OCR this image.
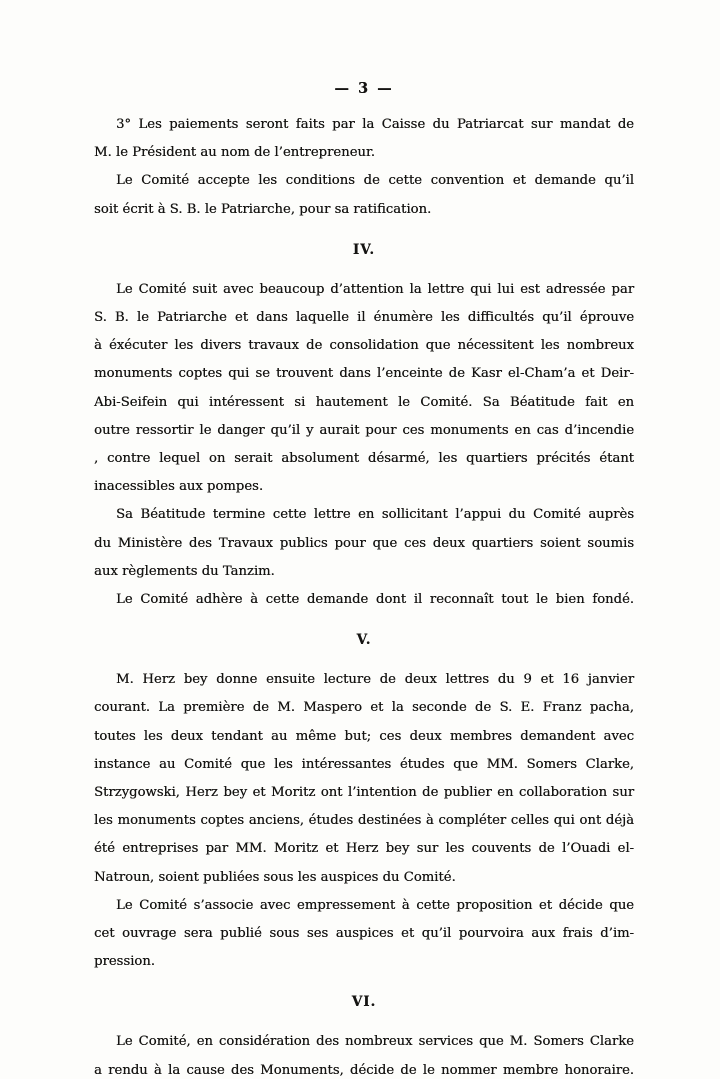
— 3 —
3° Les paiements seront faits par la Caisse du Patriarcat sur mandat de
M. le Président au nom de l’entrepreneur.
Le Comité accepte les conditions de cette convention et demande qu’il
soit écrit à S. B. le Patriarche, pour sa ratification.
IV.
Le Comité suit avec beaucoup d’attention la lettre qui lui est adressée par
S. B. le Patriarche et dans laquelle il énumère les difficultés qu’il éprouve
à éxécuter les divers travaux de consolidation que nécessitent les nombreux
monuments coptes qui se trouvent dans l’enceinte de Kasr el-Cham’a et Deir-
Abi-Seifein qui intéressent si hautement le Comité. Sa Béatitude fait en
outre ressortir le danger qu’il y aurait pour ces monuments en cas d’incendie
, contre lequel on serait absolument désarmé, les quartiers précités étant
inacessibles aux pompes.
Sa Béatitude termine cette lettre en sollicitant l’appui du Comité auprès
du Ministère des Travaux publics pour que ces deux quartiers soient soumis
aux règlements du Tanzim.
Le Comité adhère à cette demande dont il reconnaît tout le bien fondé.
V.
M. Herz bey donne ensuite lecture de deux lettres du 9 et 16 janvier
courant. La première de M. Maspero et la seconde de S. E. Franz pacha,
toutes les deux tendant au même but; ces deux membres demandent avec
instance au Comité que les intéressantes études que MM. Somers Clarke,
Strzygowski, Herz bey et Moritz ont l’intention de publier en collaboration sur
les monuments coptes anciens, études destinées à compléter celles qui ont déjà
été entreprises par MM. Moritz et Herz bey sur les couvents de l’Ouadi el-
Natroun, soient publiées sous les auspices du Comité.
Le Comité s’associe avec empressement à cette proposition et décide que
cet ouvrage sera publié sous ses auspices et qu’il pourvoira aux frais d’im-
pression.
VI.
Le Comité, en considération des nombreux services que M. Somers Clarke
a rendu à la cause des Monuments, décide de le nommer membre honoraire.
